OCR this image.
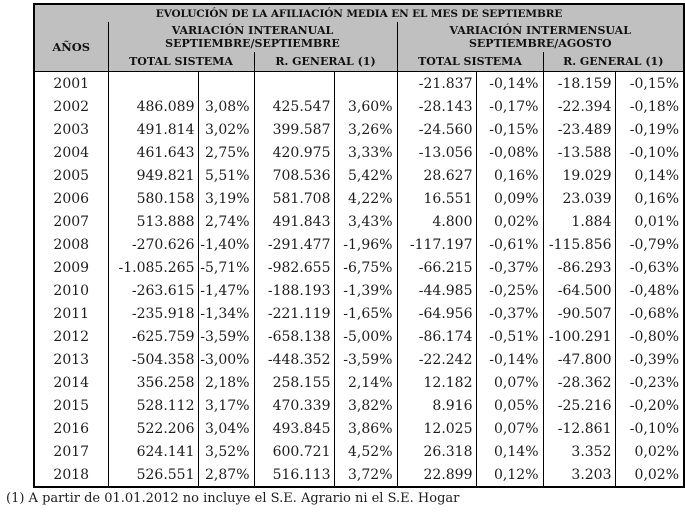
EVOLUCIÓN DE LA AFILIACIÓN MEDIA EN EL MES DE SEPTIEMBRE								
AÑOS	
VARIACIÓN INTERANUAL
SEPTIEMBRE/SEPTIEMBRE

VARIACIÓN INTERMENSUAL
SEPTIEMBRE/AGOSTO

	TOTAL SISTEMA		R. GENERAL (1)		TOTAL SISTEMA		R. GENERAL (1)	
2001					-21.837	-0,14%	-18.159	-0,15%
2002	486.089	3,08%	425.547	3,60%	-28.143	-0,17%	-22.394	-0,18%
2003	491.814	3,02%	399.587	3,26%	-24.560	-0,15%	-23.489	-0,19%
2004	461.643	2,75%	420.975	3,33%	-13.056	-0,08%	-13.588	-0,10%
2005	949.821	5,51%	708.536	5,42%	28.627	0,16%	19.029	0,14%
2006	580.158	3,19%	581.708	4,22%	16.551	0,09%	23.039	0,16%
2007	513.888	2,74%	491.843	3,43%	4.800	0,02%	1.884	0,01%
2008	-270.626	-1,40%	-291.477	-1,96%	-117.197	-0,61%	-115.856	-0,79%
2009	-1.085.265	-5,71%	-982.655	-6,75%	-66.215	-0,37%	-86.293	-0,63%
2010	-263.615	-1,47%	-188.193	-1,39%	-44.985	-0,25%	-64.500	-0,48%
2011	-235.918	-1,34%	-221.119	-1,65%	-64.956	-0,37%	-90.507	-0,68%
2012	-625.759	-3,59%	-658.138	-5,00%	-86.174	-0,51%	-100.291	-0,80%
2013	-504.358	-3,00%	-448.352	-3,59%	-22.242	-0,14%	-47.800	-0,39%
2014	356.258	2,18%	258.155	2,14%	12.182	0,07%	-28.362	-0,23%
2015	528.112	3,17%	470.339	3,82%	8.916	0,05%	-25.216	-0,20%
2016	522.206	3,04%	493.845	3,86%	12.025	0,07%	-12.861	-0,10%
2017	624.141	3,52%	600.721	4,52%	26.318	0,14%	3.352	0,02%
2018	526.551	2,87%	516.113	3,72%	22.899	0,12%	3.203	0,02%
(1) A partir de 01.01.2012 no incluye el S.E. Agrario ni el S.E. Hogar
